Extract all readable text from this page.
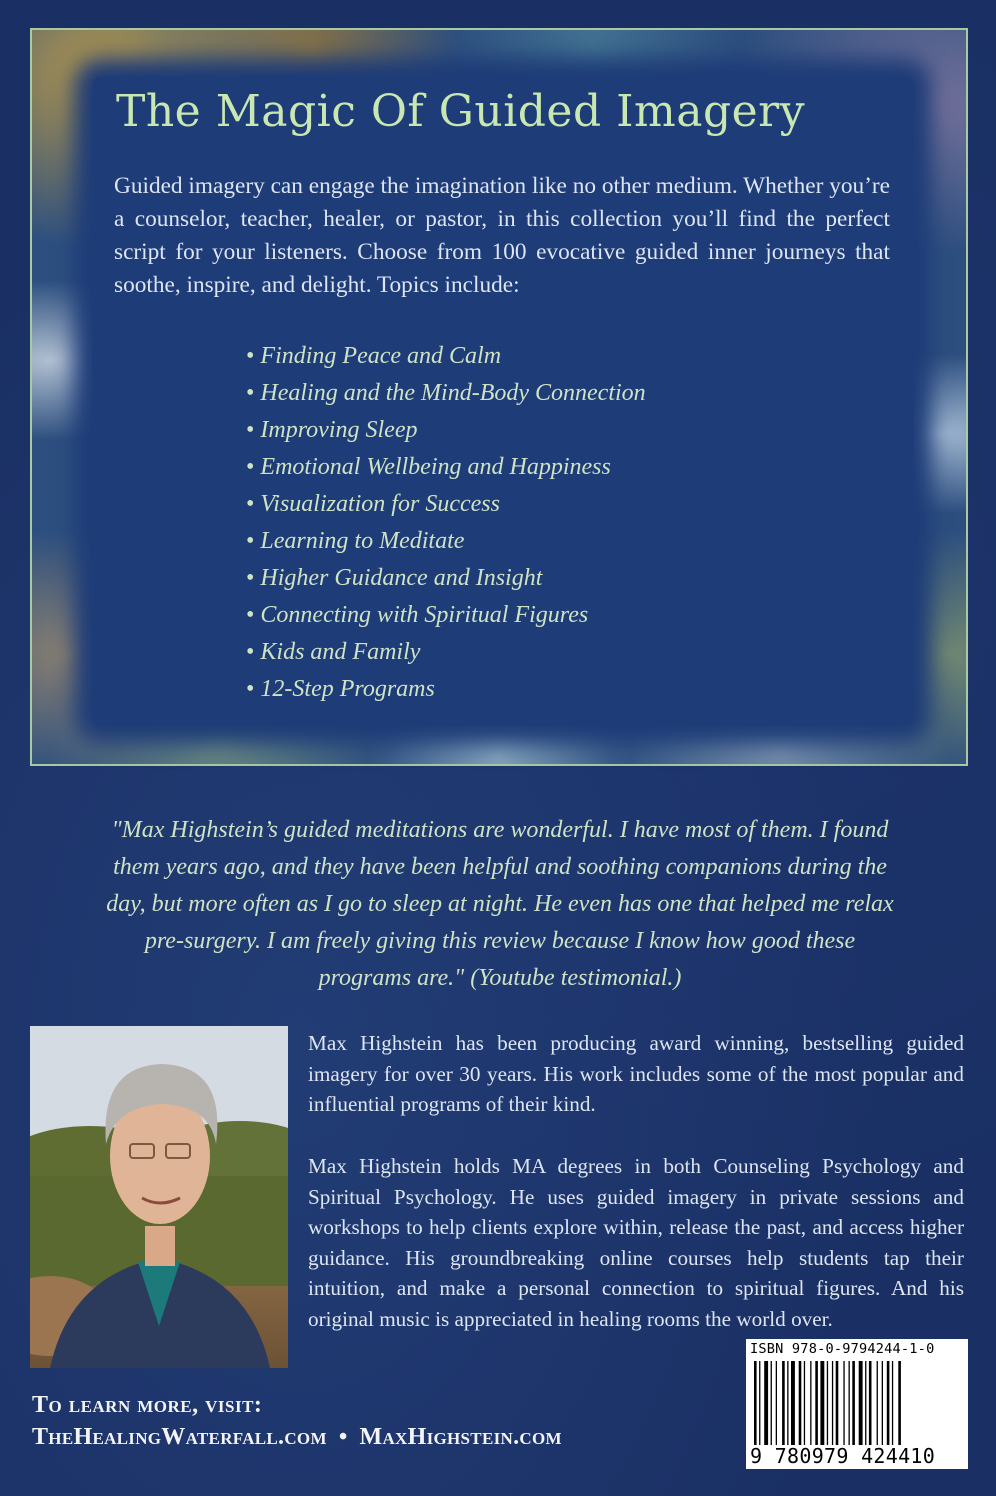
The Magic Of Guided Imagery

Guided imagery can engage the imagination like no other medium. Whether you’re a counselor, teacher, healer, or pastor, in this collection you’ll find the perfect script for your listeners. Choose from 100 evocative guided inner journeys that soothe, inspire, and delight. Topics include:

• Finding Peace and Calm
• Healing and the Mind-Body Connection
• Improving Sleep
• Emotional Wellbeing and Happiness
• Visualization for Success
• Learning to Meditate
• Higher Guidance and Insight
• Connecting with Spiritual Figures
• Kids and Family
• 12-Step Programs

"Max Highstein’s guided meditations are wonderful. I have most of them. I found them years ago, and they have been helpful and soothing companions during the day, but more often as I go to sleep at night. He even has one that helped me relax pre-surgery. I am freely giving this review because I know how good these programs are." (Youtube testimonial.)

Max Highstein has been producing award winning, bestselling guided imagery for over 30 years. His work includes some of the most popular and influential programs of their kind.

Max Highstein holds MA degrees in both Counseling Psychology and Spiritual Psychology. He uses guided imagery in private sessions and workshops to help clients explore within, release the past, and access higher guidance. His groundbreaking online courses help students tap their intuition, and make a personal connection to spiritual figures. And his original music is appreciated in healing rooms the world over.

ISBN 978-0-9794244-1-0
9 780979 424410

To learn more, visit:

TheHealingWaterfall.com • MaxHighstein.com
